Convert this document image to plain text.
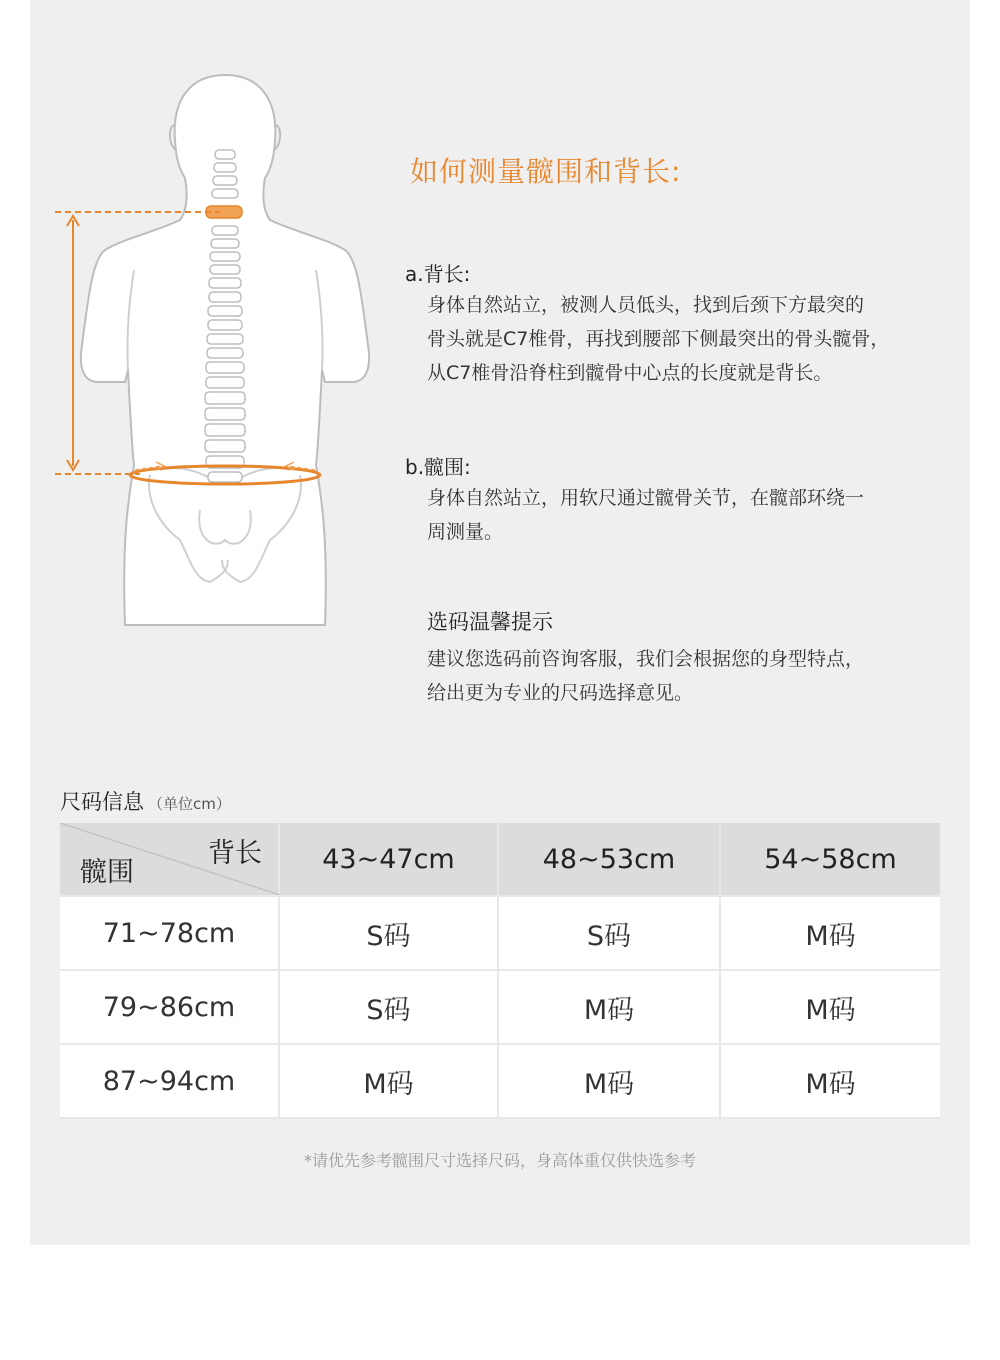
如何测量髋围和背长:
a.背长:
身体自然站立，被测人员低头，找到后颈下方最突的
骨头就是C7椎骨，再找到腰部下侧最突出的骨头髋骨，
从C7椎骨沿脊柱到髋骨中心点的长度就是背长。
b.髋围:
身体自然站立，用软尺通过髋骨关节，在髋部环绕一
周测量。
选码温馨提示
建议您选码前咨询客服，我们会根据您的身型特点，
给出更为专业的尺码选择意见。
尺码信息 （单位cm）
背长
髋围	43~47cm	48~53cm	54~58cm
71~78cm	S码	S码	M码
79~86cm	S码	M码	M码
87~94cm	M码	M码	M码
*请优先参考髋围尺寸选择尺码，身高体重仅供快选参考
